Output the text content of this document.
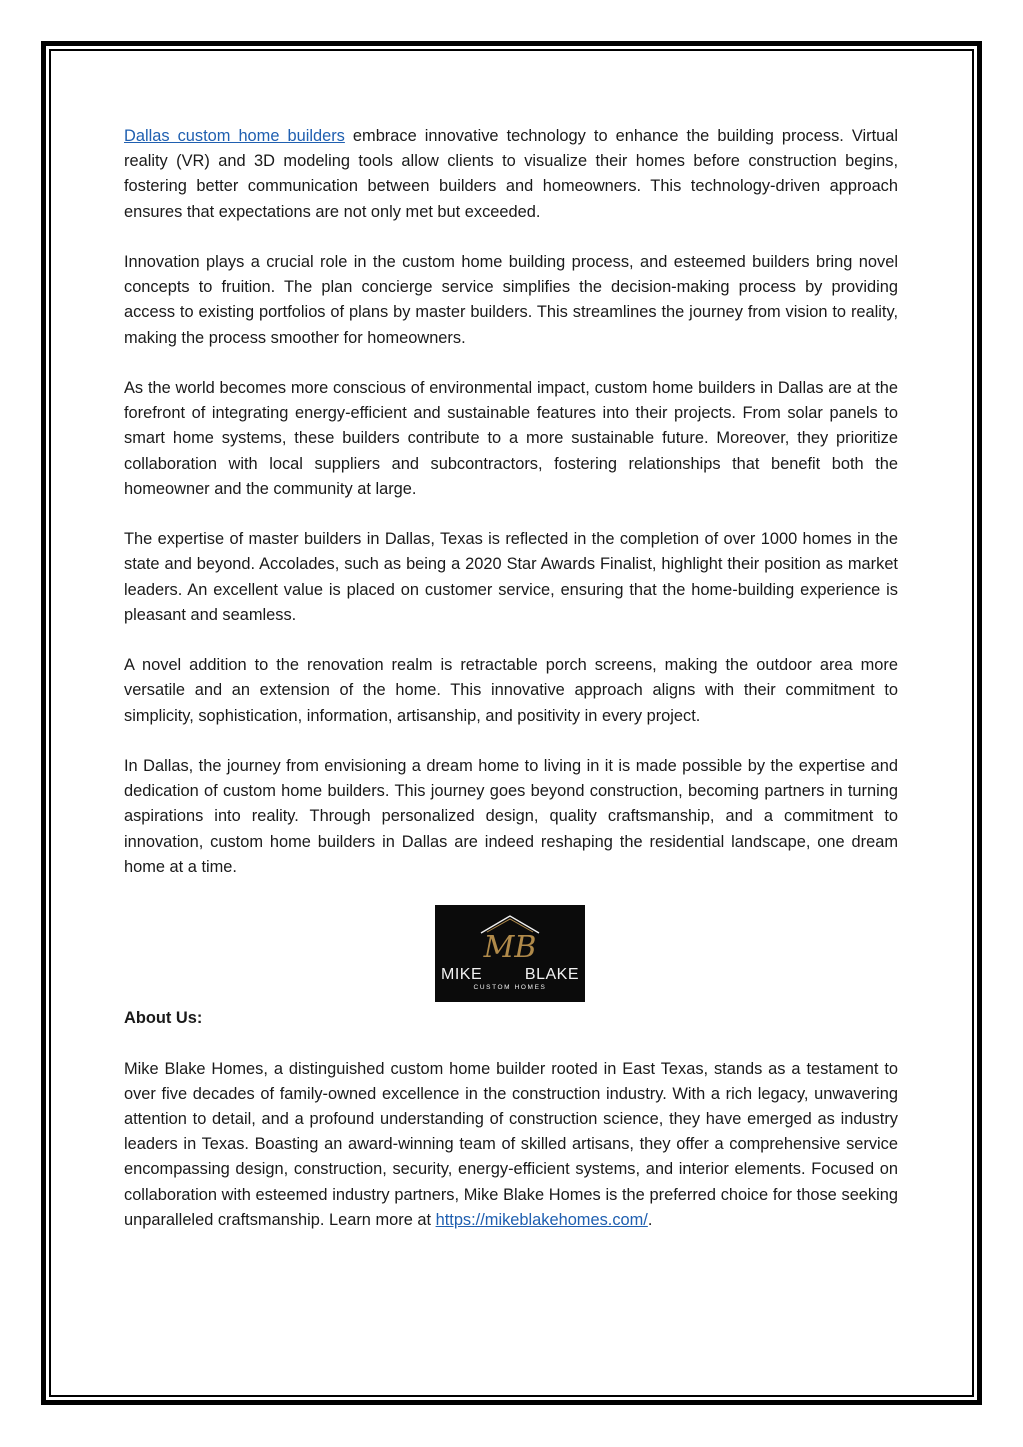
Dallas custom home builders embrace innovative technology to enhance the building process. Virtual reality (VR) and 3D modeling tools allow clients to visualize their homes before construction begins, fostering better communication between builders and homeowners. This technology-driven approach ensures that expectations are not only met but exceeded.

Innovation plays a crucial role in the custom home building process, and esteemed builders bring novel concepts to fruition. The plan concierge service simplifies the decision-making process by providing access to existing portfolios of plans by master builders. This streamlines the journey from vision to reality, making the process smoother for homeowners.

As the world becomes more conscious of environmental impact, custom home builders in Dallas are at the forefront of integrating energy-efficient and sustainable features into their projects. From solar panels to smart home systems, these builders contribute to a more sustainable future. Moreover, they prioritize collaboration with local suppliers and subcontractors, fostering relationships that benefit both the homeowner and the community at large.

The expertise of master builders in Dallas, Texas is reflected in the completion of over 1000 homes in the state and beyond. Accolades, such as being a 2020 Star Awards Finalist, highlight their position as market leaders. An excellent value is placed on customer service, ensuring that the home-building experience is pleasant and seamless.

A novel addition to the renovation realm is retractable porch screens, making the outdoor area more versatile and an extension of the home. This innovative approach aligns with their commitment to simplicity, sophistication, information, artisanship, and positivity in every project.

In Dallas, the journey from envisioning a dream home to living in it is made possible by the expertise and dedication of custom home builders. This journey goes beyond construction, becoming partners in turning aspirations into reality. Through personalized design, quality craftsmanship, and a commitment to innovation, custom home builders in Dallas are indeed reshaping the residential landscape, one dream home at a time.

MB
MIKE	BLAKE
CUSTOM HOMES
About Us:

Mike Blake Homes, a distinguished custom home builder rooted in East Texas, stands as a testament to over five decades of family-owned excellence in the construction industry. With a rich legacy, unwavering attention to detail, and a profound understanding of construction science, they have emerged as industry leaders in Texas. Boasting an award-winning team of skilled artisans, they offer a comprehensive service encompassing design, construction, security, energy-efficient systems, and interior elements. Focused on collaboration with esteemed industry partners, Mike Blake Homes is the preferred choice for those seeking unparalleled craftsmanship. Learn more at https://mikeblakehomes.com/.
